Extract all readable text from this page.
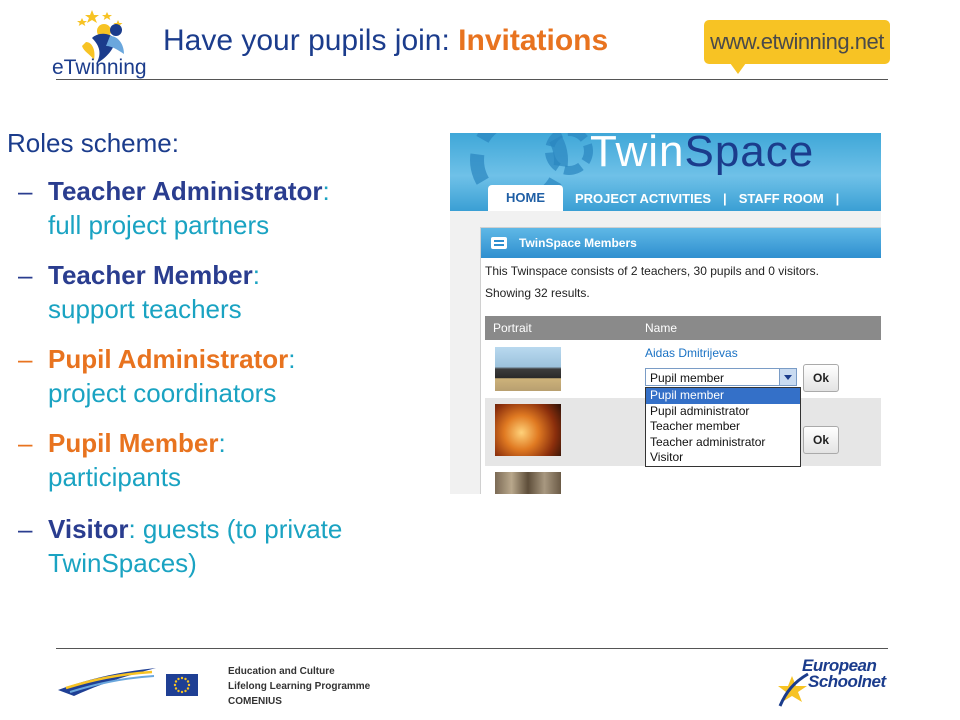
eTwinning
Have your pupils join: Invitations	www.etwinning.net
Roles scheme:
– Teacher Administrator:
full project partners
– Teacher Member:
support teachers
– Pupil Administrator:
project coordinators
– Pupil Member:
participants
– Visitor: guests (to private TwinSpaces)
TwinSpace
HOME	PROJECT ACTIVITIES | STAFF ROOM |
TwinSpace Members
This Twinspace consists of 2 teachers, 30 pupils and 0 visitors.
Showing 32 results.
Portrait	Name
Aidas Dmitrijevas
Pupil member	Ok
Ok
Pupil member
Pupil administrator
Teacher member
Teacher administrator
Visitor
Education and Culture
Lifelong Learning Programme
COMENIUS
European
Schoolnet
